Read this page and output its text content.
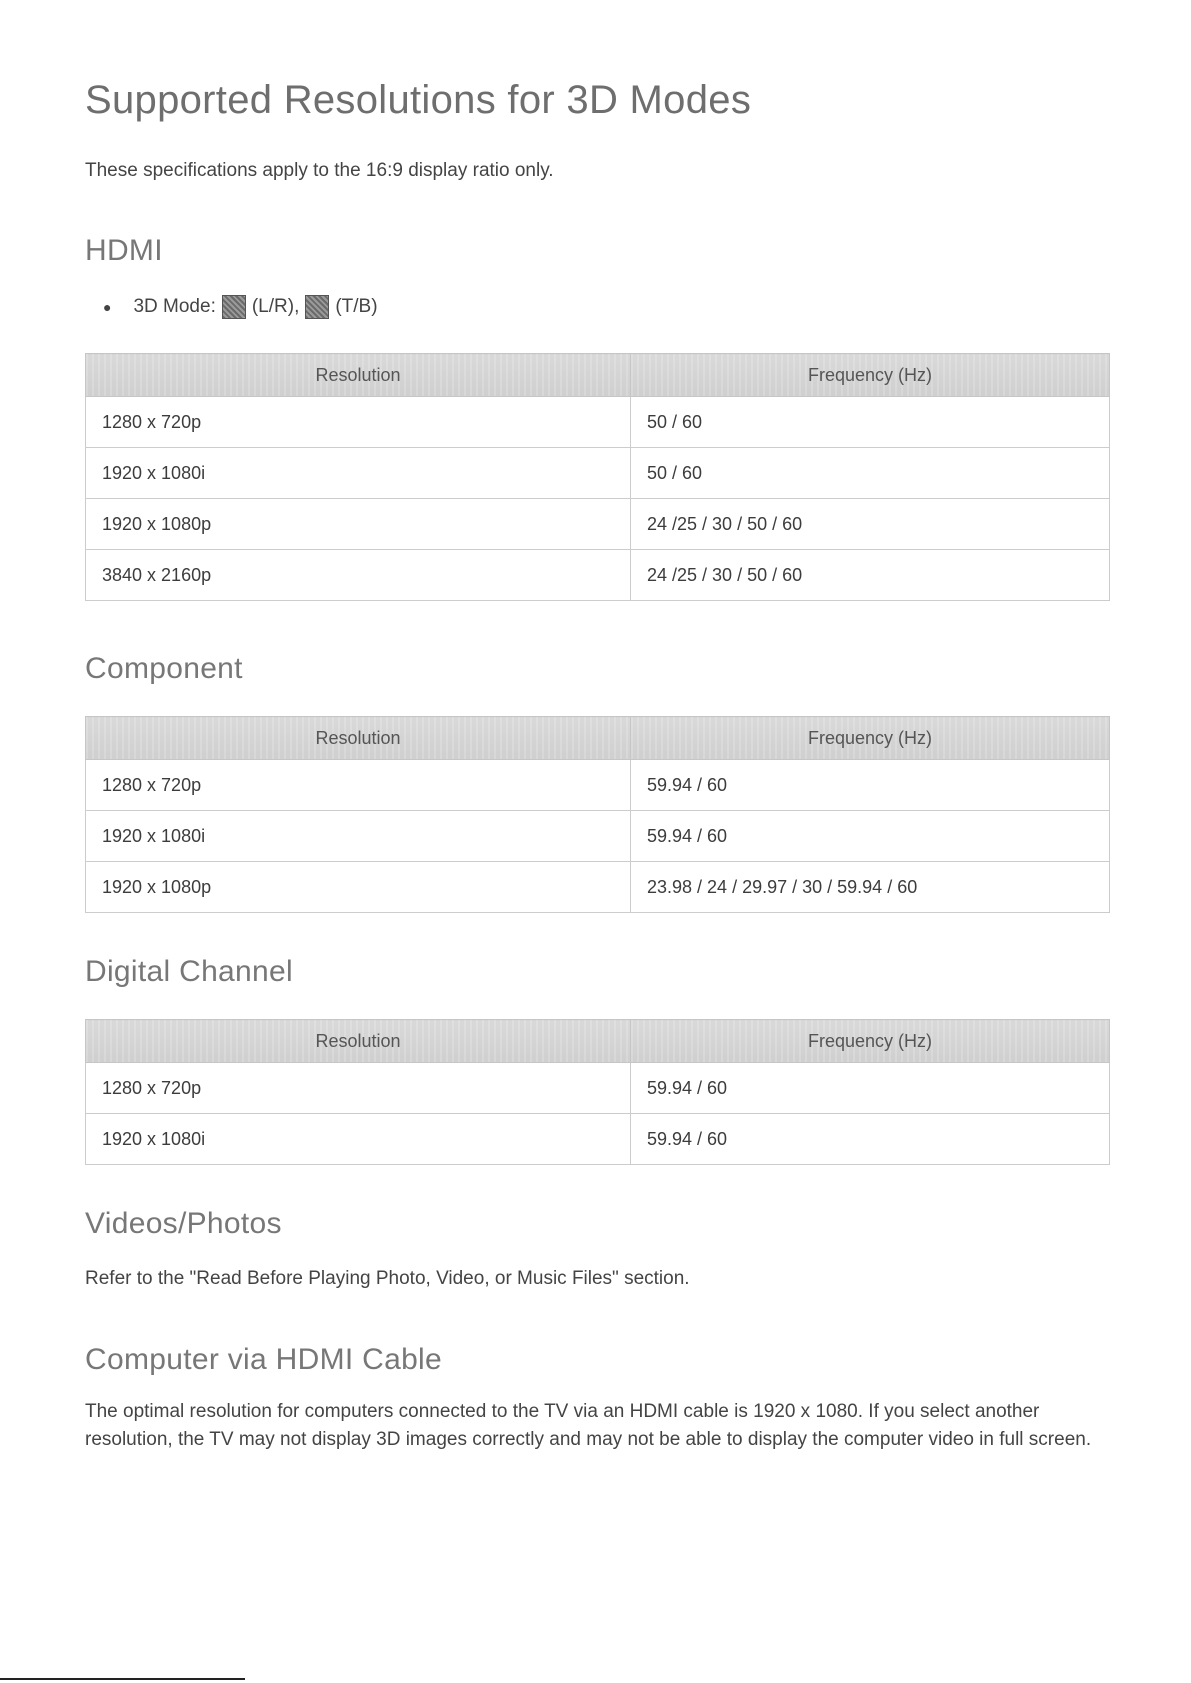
Supported Resolutions for 3D Modes

These specifications apply to the 16:9 display ratio only.

HDMI
● 3D Mode: (L/R), (T/B)
Resolution	Frequency (Hz)
1280 x 720p	50 / 60
1920 x 1080i	50 / 60
1920 x 1080p	24 /25 / 30 / 50 / 60
3840 x 2160p	24 /25 / 30 / 50 / 60
Component
Resolution	Frequency (Hz)
1280 x 720p	59.94 / 60
1920 x 1080i	59.94 / 60
1920 x 1080p	23.98 / 24 / 29.97 / 30 / 59.94 / 60
Digital Channel
Resolution	Frequency (Hz)
1280 x 720p	59.94 / 60
1920 x 1080i	59.94 / 60
Videos/Photos

Refer to the "Read Before Playing Photo, Video, or Music Files" section.

Computer via HDMI Cable

The optimal resolution for computers connected to the TV via an HDMI cable is 1920 x 1080. If you select another resolution, the TV may not display 3D images correctly and may not be able to display the computer video in full screen.
